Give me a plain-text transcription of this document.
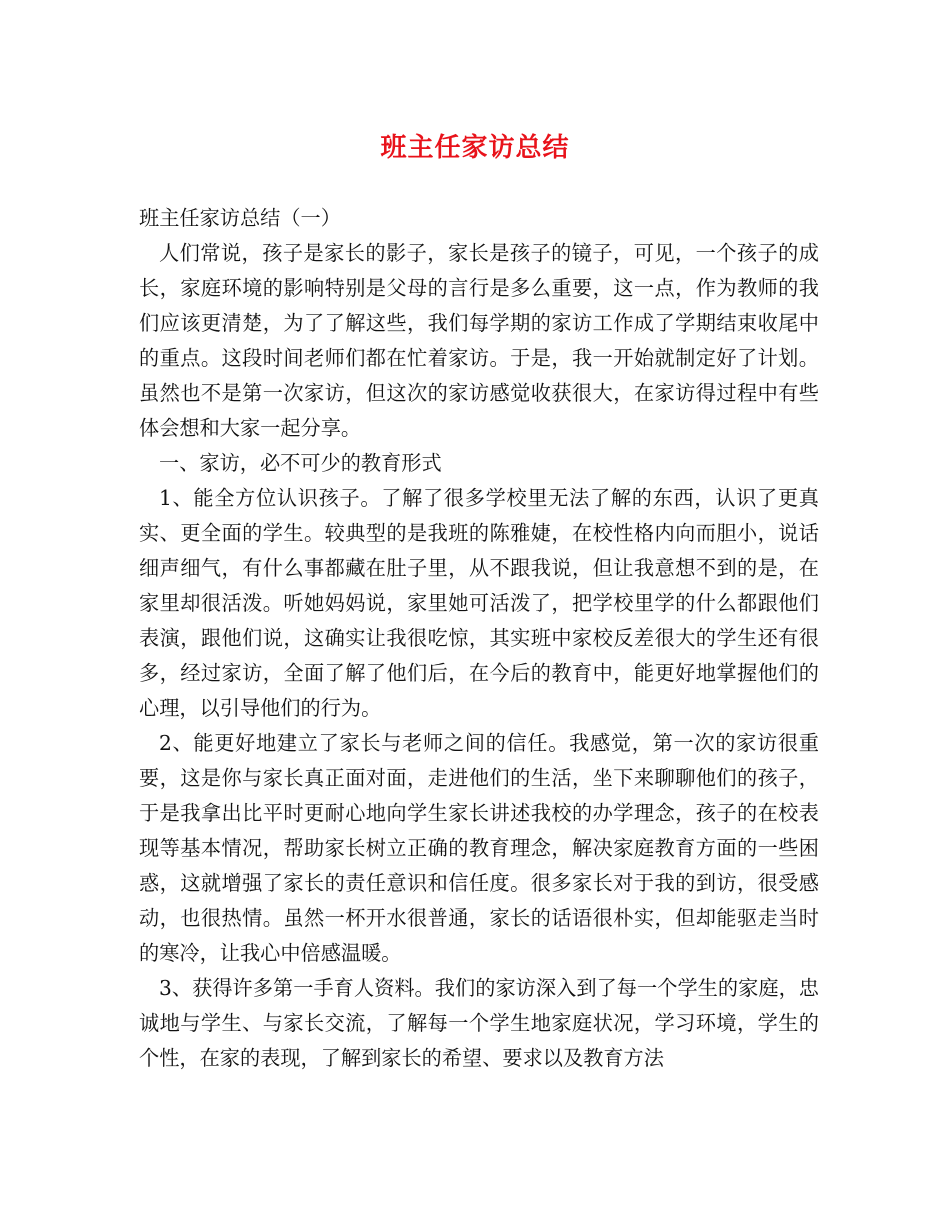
班主任家访总结

班主任家访总结（一）

人们常说，孩子是家长的影子，家长是孩子的镜子，可见，一个孩子的成长，家庭环境的影响特别是父母的言行是多么重要，这一点，作为教师的我们应该更清楚，为了了解这些，我们每学期的家访工作成了学期结束收尾中的重点。这段时间老师们都在忙着家访。于是，我一开始就制定好了计划。虽然也不是第一次家访，但这次的家访感觉收获很大，在家访得过程中有些体会想和大家一起分享。

一、家访，必不可少的教育形式

1、能全方位认识孩子。了解了很多学校里无法了解的东西，认识了更真实、更全面的学生。较典型的是我班的陈雅婕，在校性格内向而胆小，说话细声细气，有什么事都藏在肚子里，从不跟我说，但让我意想不到的是，在家里却很活泼。听她妈妈说，家里她可活泼了，把学校里学的什么都跟他们表演，跟他们说，这确实让我很吃惊，其实班中家校反差很大的学生还有很多，经过家访，全面了解了他们后，在今后的教育中，能更好地掌握他们的心理，以引导他们的行为。

2、能更好地建立了家长与老师之间的信任。我感觉，第一次的家访很重要，这是你与家长真正面对面，走进他们的生活，坐下来聊聊他们的孩子，于是我拿出比平时更耐心地向学生家长讲述我校的办学理念，孩子的在校表现等基本情况，帮助家长树立正确的教育理念，解决家庭教育方面的一些困惑，这就增强了家长的责任意识和信任度。很多家长对于我的到访，很受感动，也很热情。虽然一杯开水很普通，家长的话语很朴实，但却能驱走当时的寒冷，让我心中倍感温暖。

3、获得许多第一手育人资料。我们的家访深入到了每一个学生的家庭，忠诚地与学生、与家长交流，了解每一个学生地家庭状况，学习环境，学生的个性，在家的表现，了解到家长的希望、要求以及教育方法
